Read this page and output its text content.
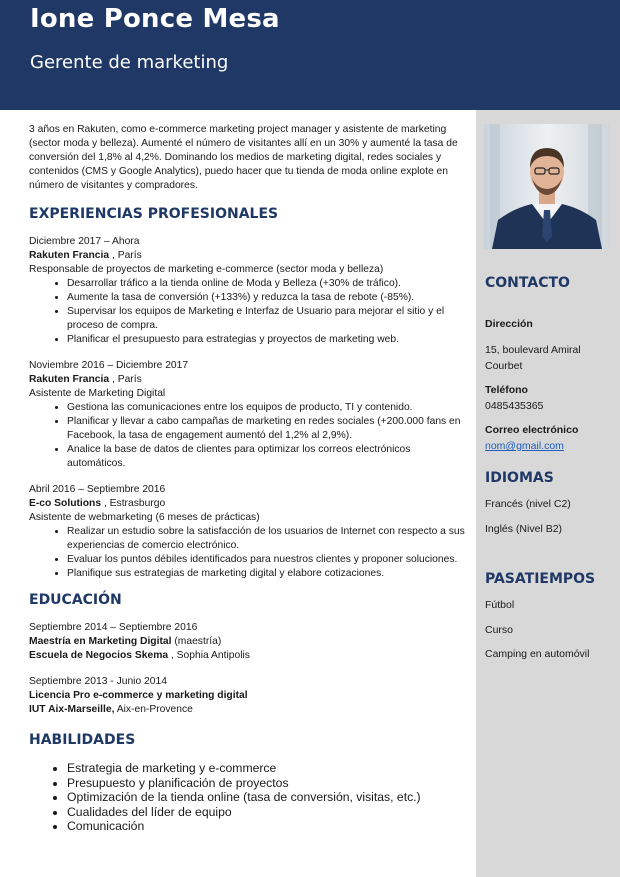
Ione Ponce Mesa
Gerente de marketing

3 años en Rakuten, como e-commerce marketing project manager y asistente de marketing (sector moda y belleza). Aumenté el número de visitantes allí en un 30% y aumenté la tasa de conversión del 1,8% al 4,2%. Dominando los medios de marketing digital, redes sociales y contenidos (CMS y Google Analytics), puedo hacer que tu tienda de moda online explote en número de visitantes y compradores.

EXPERIENCIAS PROFESIONALES
Diciembre 2017 – Ahora
Rakuten Francia , París
Responsable de proyectos de marketing e-commerce (sector moda y belleza)
• Desarrollar tráfico a la tienda online de Moda y Belleza (+30% de tráfico).
• Aumente la tasa de conversión (+133%) y reduzca la tasa de rebote (-85%).
• Supervisar los equipos de Marketing e Interfaz de Usuario para mejorar el sitio y el proceso de compra.
• Planificar el presupuesto para estrategias y proyectos de marketing web.
Noviembre 2016 – Diciembre 2017
Rakuten Francia , París
Asistente de Marketing Digital
• Gestiona las comunicaciones entre los equipos de producto, TI y contenido.
• Planificar y llevar a cabo campañas de marketing en redes sociales (+200.000 fans en Facebook, la tasa de engagement aumentó del 1,2% al 2,9%).
• Analice la base de datos de clientes para optimizar los correos electrónicos automáticos.
Abril 2016 – Septiembre 2016
E-co Solutions , Estrasburgo
Asistente de webmarketing (6 meses de prácticas)
• Realizar un estudio sobre la satisfacción de los usuarios de Internet con respecto a sus experiencias de comercio electrónico.
• Evaluar los puntos débiles identificados para nuestros clientes y proponer soluciones.
• Planifique sus estrategias de marketing digital y elabore cotizaciones.
EDUCACIÓN
Septiembre 2014 – Septiembre 2016
Maestría en Marketing Digital (maestría)
Escuela de Negocios Skema , Sophia Antipolis
Septiembre 2013 - Junio 2014
Licencia Pro e-commerce y marketing digital
IUT Aix-Marseille, Aix-en-Provence
HABILIDADES
• Estrategia de marketing y e-commerce
• Presupuesto y planificación de proyectos
• Optimización de la tienda online (tasa de conversión, visitas, etc.)
• Cualidades del líder de equipo
• Comunicación
CONTACTO
Dirección
15, boulevard Amiral
Courbet
Teléfono
0485435365
Correo electrónico
nom@gmail.com
IDIOMAS
Francés (nivel C2)
Inglés (Nivel B2)
PASATIEMPOS
Fútbol
Curso
Camping en automóvil
